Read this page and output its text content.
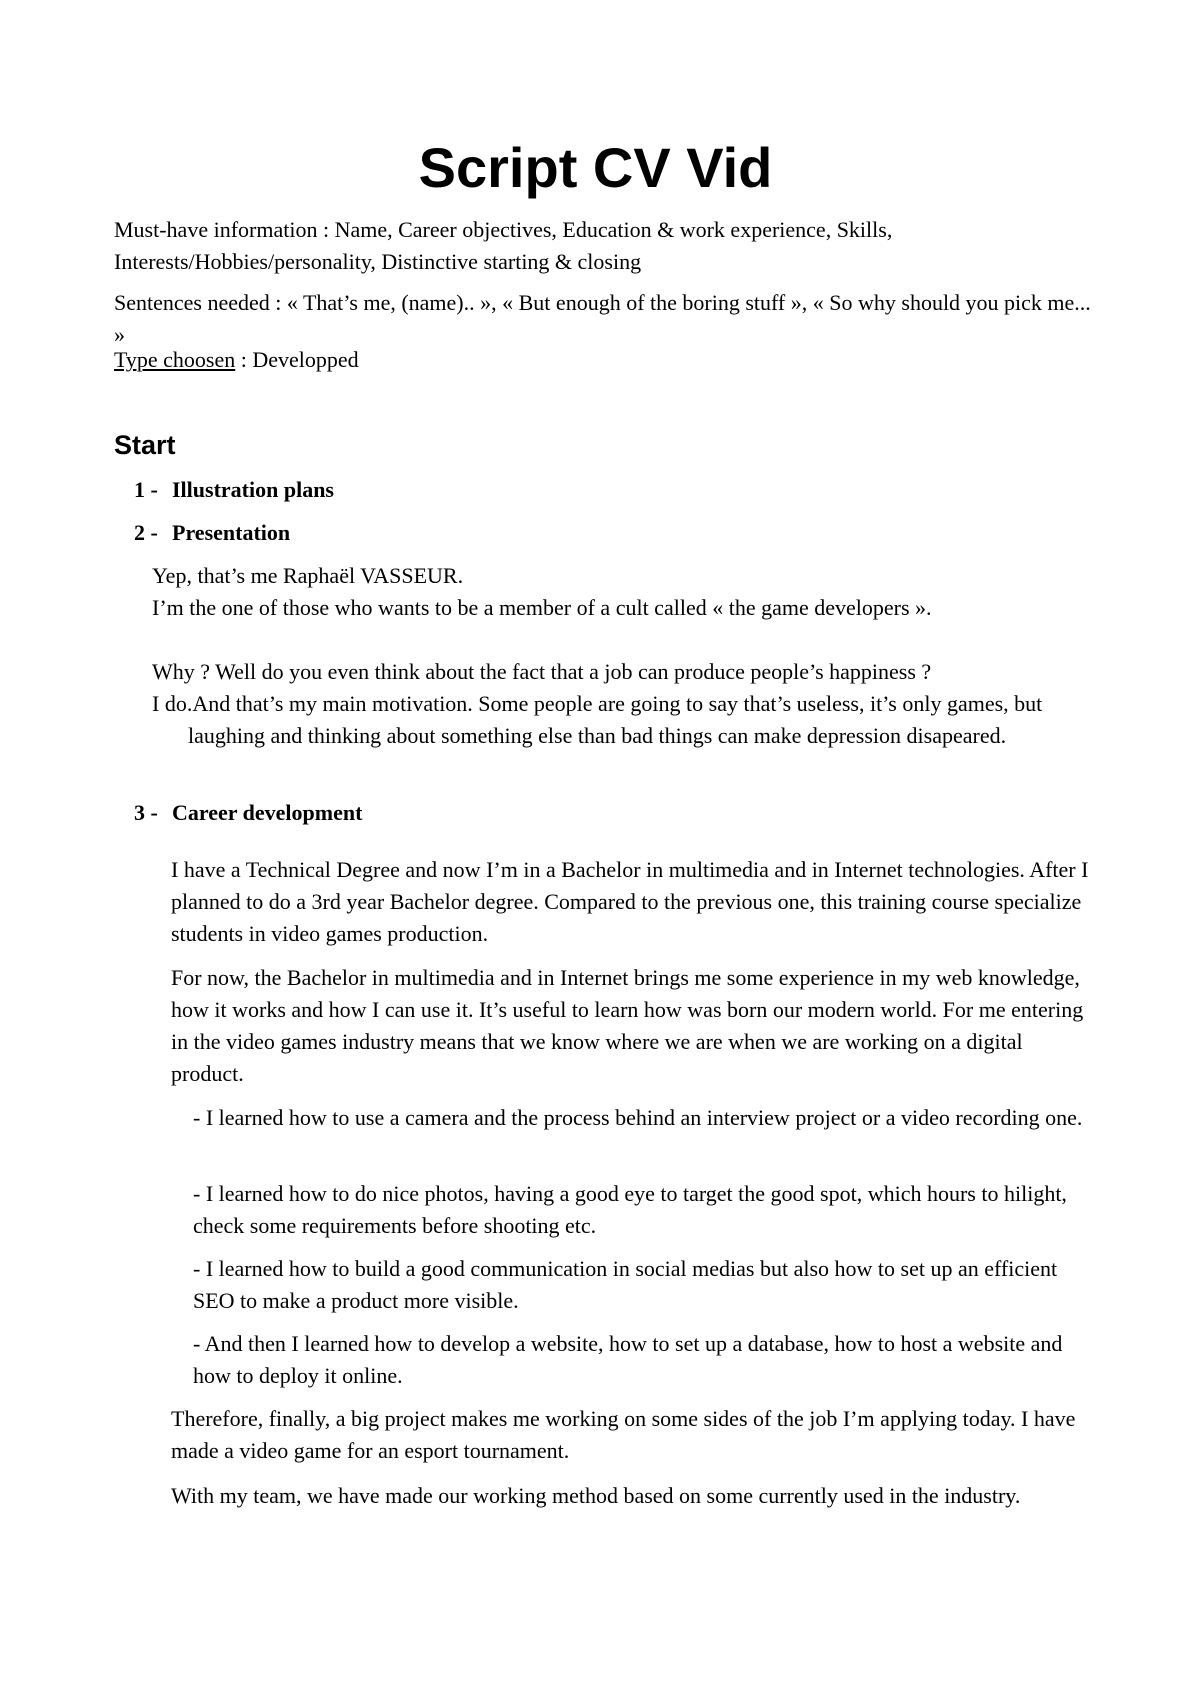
Script CV Vid

Must-have information : Name, Career objectives, Education & work experience, Skills, Interests/Hobbies/personality, Distinctive starting & closing

Sentences needed : « That’s me, (name).. », « But enough of the boring stuff », « So why should you pick me... »

Type choosen : Developped

Start
1 - Illustration plans
2 - Presentation

Yep, that’s me Raphaël VASSEUR.

I’m the one of those who wants to be a member of a cult called « the game developers ».

Why ? Well do you even think about the fact that a job can produce people’s happiness ?

I do.And that’s my main motivation. Some people are going to say that’s useless, it’s only games, but laughing and thinking about something else than bad things can make depression disapeared.

3 - Career development

I have a Technical Degree and now I’m in a Bachelor in multimedia and in Internet technologies. After I planned to do a 3rd year Bachelor degree. Compared to the previous one, this training course specialize students in video games production.

For now, the Bachelor in multimedia and in Internet brings me some experience in my web knowledge, how it works and how I can use it. It’s useful to learn how was born our modern world. For me entering in the video games industry means that we know where we are when we are working on a digital product.

- I learned how to use a camera and the process behind an interview project or a video recording one.

- I learned how to do nice photos, having a good eye to target the good spot, which hours to hilight, check some requirements before shooting etc.

- I learned how to build a good communication in social medias but also how to set up an efficient SEO to make a product more visible.

- And then I learned how to develop a website, how to set up a database, how to host a website and how to deploy it online.

Therefore, finally, a big project makes me working on some sides of the job I’m applying today. I have made a video game for an esport tournament.

With my team, we have made our working method based on some currently used in the industry.
